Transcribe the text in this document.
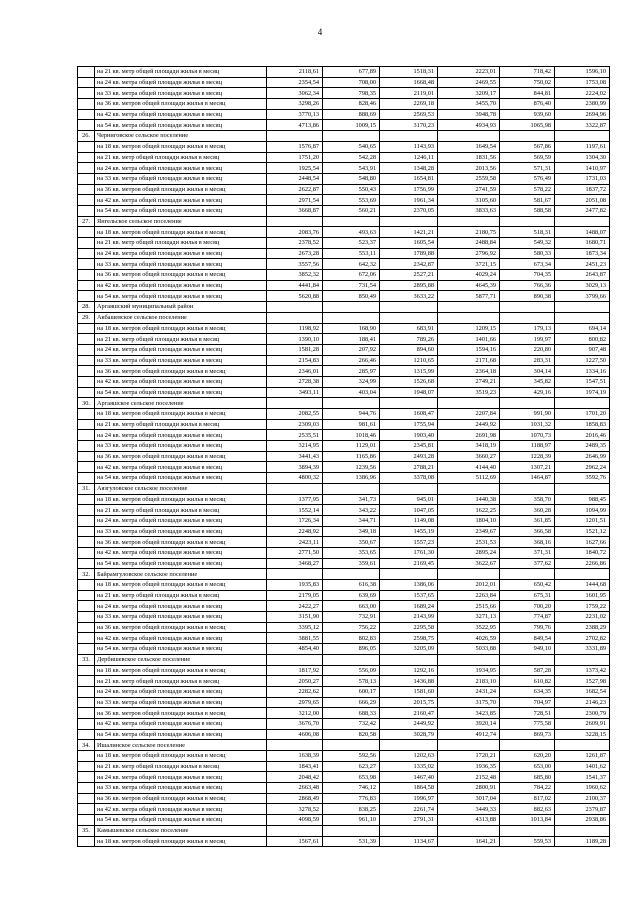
4
	на 21 кв. метр общей площади жилья в месяц	2118,61	677,89	1518,31	2223,01	718,42	1596,10
	на 24 кв. метра общей площади жилья в месяц	2354,54	708,00	1668,48	2469,55	750,02	1753,08
	на 33 кв. метра общей площади жилья в месяц	3062,34	798,35	2119,01	3209,17	844,81	2224,02
	на 36 кв. метров общей площади жилья в месяц	3298,26	828,46	2269,18	3455,70	876,40	2380,99
	на 42 кв. метра общей площади жилья в месяц	3770,13	888,69	2569,53	3948,78	939,60	2694,96
	на 54 кв. метра общей площади жилья в месяц	4713,86	1009,15	3170,23	4934,93	1065,98	3322,87
26.	Черниговское сельское поселение						
	на 18 кв. метров общей площади жилья в месяц	1576,87	540,65	1143,93	1649,54	567,86	1197,61
	на 21 кв. метр общей площади жилья в месяц	1751,20	542,28	1246,11	1831,56	569,59	1304,30
	на 24 кв. метра общей площади жилья в месяц	1925,54	543,91	1348,28	2013,56	571,31	1410,97
	на 33 кв. метра общей площади жилья в месяц	2448,54	548,80	1654,81	2559,58	576,49	1731,03
	на 36 кв. метров общей площади жилья в месяц	2622,87	550,43	1756,99	2741,59	578,22	1837,72
	на 42 кв. метра общей площади жилья в месяц	2971,54	553,69	1961,34	3105,60	581,67	2051,08
	на 54 кв. метра общей площади жилья в месяц	3668,87	560,21	2370,05	3833,63	588,58	2477,82
27.	Янгельское сельское поселение						
	на 18 кв. метров общей площади жилья в месяц	2083,76	493,63	1421,21	2180,75	518,31	1488,07
	на 21 кв. метр общей площади жилья в месяц	2378,52	523,37	1605,54	2488,84	549,32	1680,71
	на 24 кв. метра общей площади жилья в месяц	2673,28	553,11	1789,88	2796,92	580,33	1873,34
	на 33 кв. метра общей площади жилья в месяц	3557,56	642,32	2342,87	3721,15	673,34	2451,23
	на 36 кв. метров общей площади жилья в месяц	3852,32	672,06	2527,21	4029,24	704,35	2643,87
	на 42 кв. метра общей площади жилья в месяц	4441,84	731,54	2895,88	4645,39	766,36	3029,13
	на 54 кв. метра общей площади жилья в месяц	5620,88	850,49	3633,22	5877,71	890,38	3799,66
28.	Аргаяшский муниципальный район						
29.	Акбашевское сельское поселение						
	на 18 кв. метров общей площади жилья в месяц	1198,92	168,90	683,91	1209,15	179,13	694,14
	на 21 кв. метр общей площади жилья в месяц	1390,10	188,41	789,26	1401,66	199,97	800,82
	на 24 кв. метра общей площади жилья в месяц	1581,28	207,92	894,60	1594,16	220,80	907,48
	на 33 кв. метра общей площади жилья в месяц	2154,83	266,46	1210,65	2171,68	283,31	1227,50
	на 36 кв. метров общей площади жилья в месяц	2346,01	285,97	1315,99	2364,18	304,14	1334,16
	на 42 кв. метра общей площади жилья в месяц	2728,38	324,99	1526,68	2749,21	345,82	1547,51
	на 54 кв. метра общей площади жилья в месяц	3493,11	403,04	1948,07	3519,23	429,16	1974,19
30.	Аргаяшское сельское поселение						
	на 18 кв. метров общей площади жилья в месяц	2082,55	944,76	1608,47	2207,84	991,90	1701,20
	на 21 кв. метр общей площади жилья в месяц	2309,03	981,61	1755,94	2449,92	1031,32	1858,83
	на 24 кв. метра общей площади жилья в месяц	2535,51	1018,46	1903,40	2691,98	1070,73	2016,46
	на 33 кв. метра общей площади жилья в месяц	3214,95	1129,01	2345,81	3418,19	1188,97	2489,35
	на 36 кв. метров общей площади жилья в месяц	3441,43	1165,86	2493,28	3660,27	1228,39	2646,99
	на 42 кв. метра общей площади жилья в месяц	3894,39	1239,56	2788,21	4144,40	1307,21	2962,24
	на 54 кв. метра общей площади жилья в месяц	4800,32	1386,96	3378,08	5112,69	1464,87	3592,76
31.	Аязгуловское сельское поселение						
	на 18 кв. метров общей площади жилья в месяц	1377,95	341,73	945,01	1440,38	358,70	988,45
	на 21 кв. метр общей площади жилья в месяц	1552,14	343,22	1047,05	1622,25	360,28	1094,99
	на 24 кв. метра общей площади жилья в месяц	1726,34	344,71	1149,08	1804,10	361,85	1201,51
	на 33 кв. метра общей площади жилья в месяц	2248,92	349,18	1455,19	2349,67	366,58	1521,12
	на 36 кв. метров общей площади жилья в месяц	2423,11	350,67	1557,23	2531,53	368,16	1627,66
	на 42 кв. метра общей площади жилья в месяц	2771,50	353,65	1761,30	2895,24	371,31	1840,72
	на 54 кв. метра общей площади жилья в месяц	3468,27	359,61	2169,45	3622,67	377,62	2266,86
32.	Байрамгуловское сельское поселение						
	на 18 кв. метров общей площади жилья в месяц	1935,83	616,38	1386,06	2012,01	650,42	1444,68
	на 21 кв. метр общей площади жилья в месяц	2179,05	639,69	1537,65	2263,84	675,31	1601,95
	на 24 кв. метра общей площади жилья в месяц	2422,27	663,00	1689,24	2515,66	700,20	1759,22
	на 33 кв. метра общей площади жилья в месяц	3151,90	732,91	2143,99	3271,13	774,87	2231,02
	на 36 кв. метров общей площади жилья в месяц	3395,12	756,22	2295,58	3522,95	799,76	2388,29
	на 42 кв. метра общей площади жилья в месяц	3881,55	802,83	2598,75	4026,59	849,54	2702,82
	на 54 кв. метра общей площади жилья в месяц	4854,40	896,05	3205,09	5033,88	949,10	3331,89
33.	Дербишевское сельское поселение						
	на 18 кв. метров общей площади жилья в месяц	1817,92	556,09	1292,16	1934,95	587,28	1373,42
	на 21 кв. метр общей площади жилья в месяц	2050,27	578,13	1436,88	2183,10	610,82	1527,98
	на 24 кв. метра общей площади жилья в месяц	2282,62	600,17	1581,60	2431,24	634,35	1682,54
	на 33 кв. метра общей площади жилья в месяц	2979,65	666,29	2015,75	3175,70	704,97	2146,23
	на 36 кв. метров общей площади жилья в месяц	3212,00	688,33	2160,47	3423,85	728,51	2300,79
	на 42 кв. метра общей площади жилья в месяц	3676,70	732,42	2449,92	3920,14	775,58	2609,91
	на 54 кв. метра общей площади жилья в месяц	4606,08	820,58	3028,79	4912,74	869,73	3228,15
34.	Ишалинское сельское поселение						
	на 18 кв. метров общей площади жилья в месяц	1638,39	592,56	1202,63	1720,21	620,20	1261,87
	на 21 кв. метр общей площади жилья в месяц	1843,41	623,27	1335,02	1936,35	653,00	1401,62
	на 24 кв. метра общей площади жилья в месяц	2048,42	653,98	1467,40	2152,48	685,80	1541,37
	на 33 кв. метра общей площади жилья в месяц	2663,48	746,12	1864,58	2800,91	784,22	1960,62
	на 36 кв. метров общей площади жилья в месяц	2868,49	776,83	1996,97	3017,04	817,02	2100,37
	на 42 кв. метра общей площади жилья в месяц	3278,52	838,25	2261,74	3449,33	882,63	2379,87
	на 54 кв. метра общей площади жилья в месяц	4098,59	961,10	2791,31	4313,88	1013,84	2938,86
35.	Камышевское сельское поселение						
	на 18 кв. метров общей площади жилья в месяц	1567,61	531,39	1134,67	1641,21	559,53	1189,28
